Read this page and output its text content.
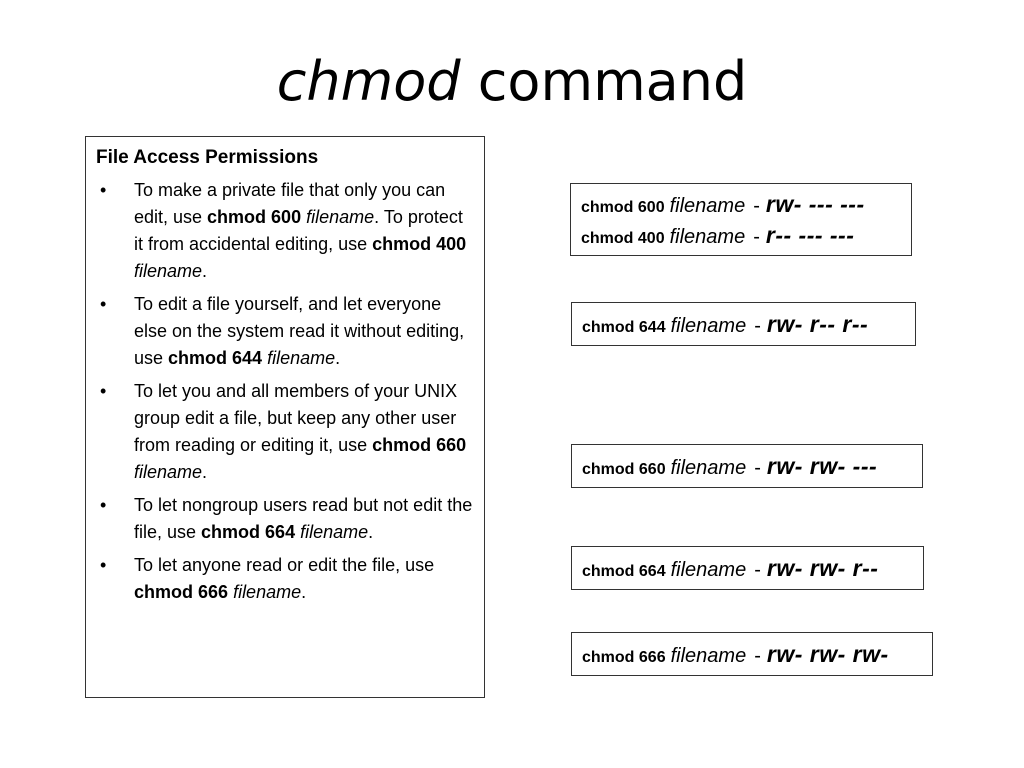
chmod command
File Access Permissions
• To make a private file that only you can edit, use chmod 600 filename. To protect it from accidental editing, use chmod 400 filename.
• To edit a file yourself, and let everyone else on the system read it without editing, use chmod 644 filename.
• To let you and all members of your UNIX group edit a file, but keep any other user from reading or editing it, use chmod 660 filename.
• To let nongroup users read but not edit the file, use chmod 664 filename.
• To let anyone read or edit the file, use chmod 666 filename.
chmod 600 filename - rw- --- ---
chmod 400 filename - r-- --- ---
chmod 644 filename - rw- r-- r--
chmod 660 filename - rw- rw- ---
chmod 664 filename - rw- rw- r--
chmod 666 filename - rw- rw- rw-
